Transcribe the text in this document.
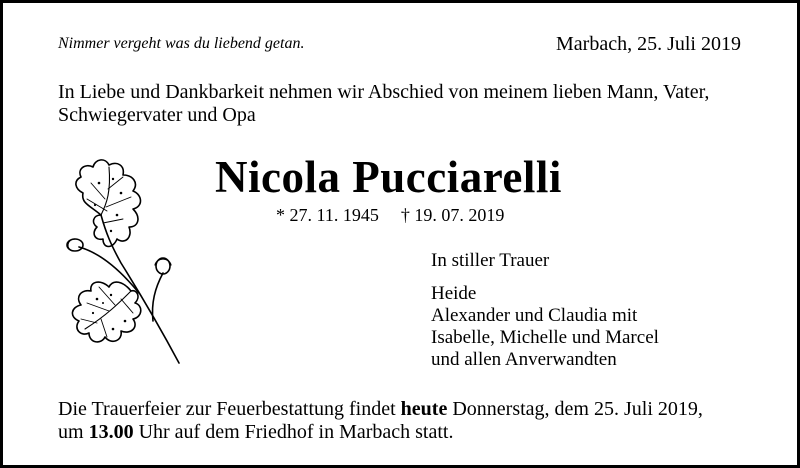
Nimmer vergeht was du liebend getan.	Marbach, 25. Juli 2019

In Liebe und Dankbarkeit nehmen wir Abschied von meinem lieben Mann, Vater,

Schwiegervater und Opa

Nicola Pucciarelli

* 27. 11. 1945 † 19. 07. 2019

In stiller Trauer

Heide

Alexander und Claudia mit

Isabelle, Michelle und Marcel

und allen Anverwandten

Die Trauerfeier zur Feuerbestattung findet heute Donnerstag, dem 25. Juli 2019,

um 13.00 Uhr auf dem Friedhof in Marbach statt.
